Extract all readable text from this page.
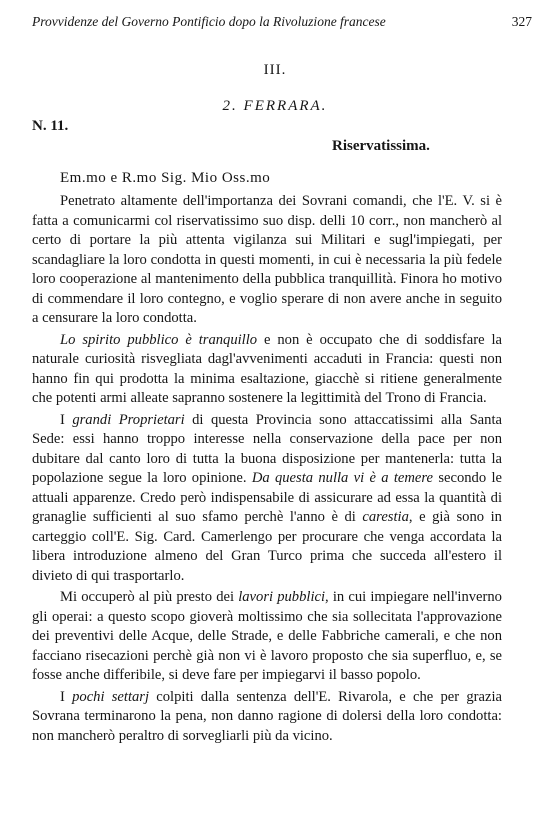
Provvidenze del Governo Pontificio dopo la Rivoluzione francese	327
III.
2. FERRARA.
N. 11.
Riservatissima.
Em.mo e R.mo Sig. Mio Oss.mo

Penetrato altamente dell'importanza dei Sovrani comandi, che l'E. V. si è fatta a comunicarmi col riservatissimo suo disp. delli 10 corr., non mancherò al certo di portare la più attenta vigilanza sui Militari e sugl'impiegati, per scandagliare la loro condotta in questi momenti, in cui è necessaria la più fedele loro cooperazione al mantenimento della pubblica tranquillità. Finora ho motivo di commendare il loro contegno, e voglio sperare di non avere anche in seguito a censurare la loro condotta.

Lo spirito pubblico è tranquillo e non è occupato che di soddisfare la naturale curiosità risvegliata dagl'avvenimenti accaduti in Francia: questi non hanno fin qui prodotta la minima esaltazione, giacchè si ritiene generalmente che potenti armi alleate sapranno sostenere la legittimità del Trono di Francia.

I grandi Proprietari di questa Provincia sono attaccatissimi alla Santa Sede: essi hanno troppo interesse nella conservazione della pace per non dubitare dal canto loro di tutta la buona disposizione per mantenerla: tutta la popolazione segue la loro opinione. Da questa nulla vi è a temere secondo le attuali apparenze. Credo però indispensabile di assicurare ad essa la quantità di granaglie sufficienti al suo sfamo perchè l'anno è di carestia, e già sono in carteggio coll'E. Sig. Card. Camerlengo per procurare che venga accordata la libera introduzione almeno del Gran Turco prima che succeda all'estero il divieto di qui trasportarlo.

Mi occuperò al più presto dei lavori pubblici, in cui impiegare nell'inverno gli operai: a questo scopo gioverà moltissimo che sia sollecitata l'approvazione dei preventivi delle Acque, delle Strade, e delle Fabbriche camerali, e che non facciano risecazioni perchè già non vi è lavoro proposto che sia superfluo, e, se fosse anche differibile, si deve fare per impiegarvi il basso popolo.

I pochi settarj colpiti dalla sentenza dell'E. Rivarola, e che per grazia Sovrana terminarono la pena, non danno ragione di dolersi della loro condotta: non mancherò peraltro di sorvegliarli più da vicino.
